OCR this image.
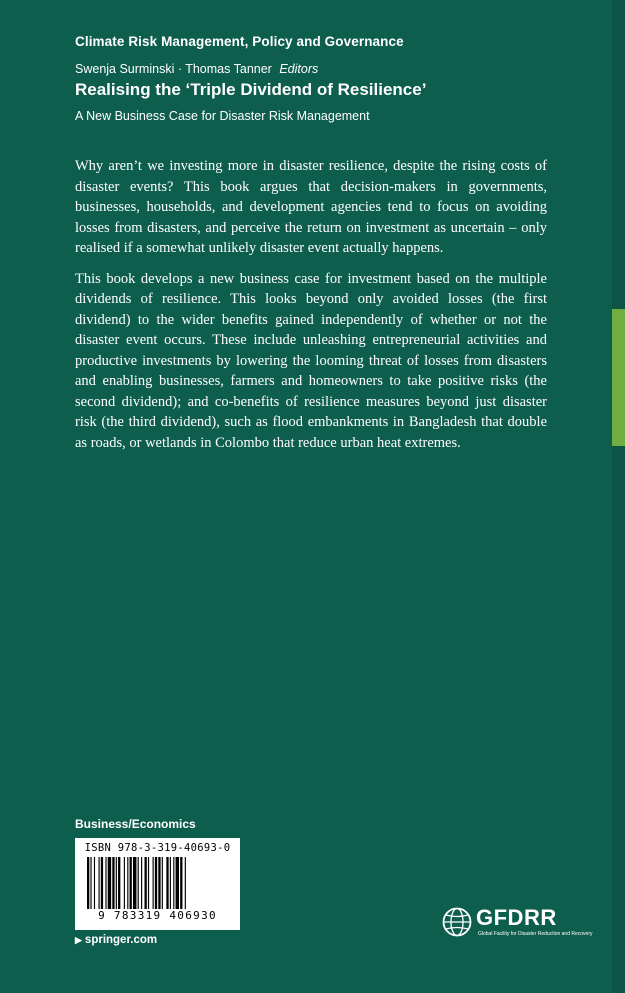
Climate Risk Management, Policy and Governance
Swenja Surminski · Thomas Tanner Editors
Realising the ‘Triple Dividend of Resilience’
A New Business Case for Disaster Risk Management

Why aren’t we investing more in disaster resilience, despite the rising costs of disaster events? This book argues that decision-makers in governments, businesses, households, and development agencies tend to focus on avoiding losses from disasters, and perceive the return on investment as uncertain – only realised if a somewhat unlikely disaster event actually happens.

This book develops a new business case for investment based on the multiple dividends of resilience. This looks beyond only avoided losses (the first dividend) to the wider benefits gained independently of whether or not the disaster event occurs. These include unleashing entrepreneurial activities and productive investments by lowering the looming threat of losses from disasters and enabling businesses, farmers and homeowners to take positive risks (the second dividend); and co-benefits of resilience measures beyond just disaster risk (the third dividend), such as flood embankments in Bangladesh that double as roads, or wetlands in Colombo that reduce urban heat extremes.

Business/Economics
ISBN 978-3-319-40693-0
9 783319 406930
▶ springer.com
GFDRR
Global Facility for Disaster Reduction and Recovery
